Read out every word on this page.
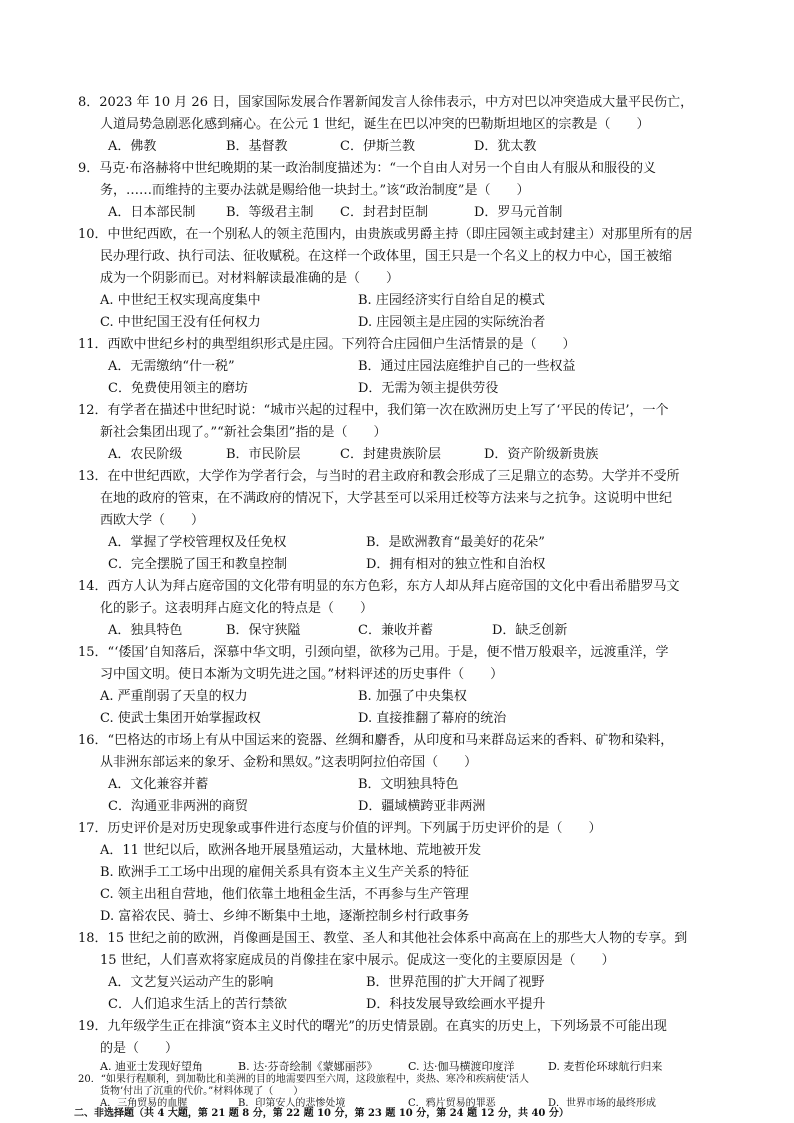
8．2023 年 10 月 26 日，国家国际发展合作署新闻发言人徐伟表示，中方对巴以冲突造成大量平民伤亡，
人道局势急剧恶化感到痛心。在公元 1 世纪，诞生在巴以冲突的巴勒斯坦地区的宗教是（　　）
A．佛教	B．基督教	C．伊斯兰教	D．犹太教
9．马克·布洛赫将中世纪晚期的某一政治制度描述为：“一个自由人对另一个自由人有服从和服役的义
务，……而维持的主要办法就是赐给他一块封土。”该“政治制度”是（　　）
A．日本部民制 B．等级君主制 C．封君封臣制	D．罗马元首制
10．中世纪西欧，在一个别私人的领主范围内，由贵族或男爵主持（即庄园领主或封建主）对那里所有的居
民办理行政、执行司法、征收赋税。在这样一个政体里，国王只是一个名义上的权力中心，国王被缩
成为一个阴影而已。对材料解读最准确的是（　　）
A. 中世纪王权实现高度集中	B. 庄园经济实行自给自足的模式
C. 中世纪国王没有任何权力	D. 庄园领主是庄园的实际统治者
11．西欧中世纪乡村的典型组织形式是庄园。下列符合庄园佃户生活情景的是（　　）
A．无需缴纳“什一税”	B．通过庄园法庭维护自己的一些权益
C．免费使用领主的磨坊	D．无需为领主提供劳役
12．有学者在描述中世纪时说：“城市兴起的过程中，我们第一次在欧洲历史上写了‘平民的传记’，一个
新社会集团出现了。”“新社会集团”指的是（　　）
A．农民阶级	B．市民阶层	C．封建贵族阶层	D．资产阶级新贵族
13．在中世纪西欧，大学作为学者行会，与当时的君主政府和教会形成了三足鼎立的态势。大学并不受所
在地的政府的管束，在不满政府的情况下，大学甚至可以采用迁校等方法来与之抗争。这说明中世纪
西欧大学（　　）
A．掌握了学校管理权及任免权	B．是欧洲教育“最美好的花朵”
C．完全摆脱了国王和教皇控制	D．拥有相对的独立性和自治权
14．西方人认为拜占庭帝国的文化带有明显的东方色彩，东方人却从拜占庭帝国的文化中看出希腊罗马文
化的影子。这表明拜占庭文化的特点是（　　）
A．独具特色	B．保守狭隘	C．兼收并蓄	D．缺乏创新
15．“‘倭国’自知落后，深慕中华文明，引颈向望，欲移为己用。于是，便不惜万般艰辛，远渡重洋，学
习中国文明。使日本渐为文明先进之国。”材料评述的历史事件（　　）
A. 严重削弱了天皇的权力	B. 加强了中央集权
C. 使武士集团开始掌握政权	D. 直接推翻了幕府的统治
16．“巴格达的市场上有从中国运来的瓷器、丝绸和麝香，从印度和马来群岛运来的香料、矿物和染料，
从非洲东部运来的象牙、金粉和黑奴。”这表明阿拉伯帝国（　　）
A．文化兼容并蓄	B．文明独具特色
C．沟通亚非两洲的商贸	D．疆域横跨亚非两洲
17．历史评价是对历史现象或事件进行态度与价值的评判。下列属于历史评价的是（　　）
A．11 世纪以后，欧洲各地开展垦殖运动，大量林地、荒地被开发
B. 欧洲手工工场中出现的雇佣关系具有资本主义生产关系的特征
C. 领主出租自营地，他们依靠土地租金生活，不再参与生产管理
D. 富裕农民、骑士、乡绅不断集中土地，逐渐控制乡村行政事务
18．15 世纪之前的欧洲，肖像画是国王、教堂、圣人和其他社会体系中高高在上的那些大人物的专享。到
15 世纪，人们喜欢将家庭成员的肖像挂在家中展示。促成这一变化的主要原因是（　　）
A．文艺复兴运动产生的影响	B．世界范围的扩大开阔了视野
C．人们追求生活上的苦行禁欲	D．科技发展导致绘画水平提升
19．九年级学生正在排演“资本主义时代的曙光”的历史情景剧。在真实的历史上，下列场景不可能出现
的是（　　）
A. 迪亚士发现好望角	B. 达·芬奇绘制《蒙娜丽莎》	C. 达·伽马横渡印度洋	D. 麦哲伦环球航行归来
20．“如果行程顺利，到加勒比和美洲的目的地需要四至六周，这段旅程中，炎热、寒冷和疾病使‘活人
货物’付出了沉重的代价。”材料体现了（　　）
A．三角贸易的血腥	B．印第安人的悲惨处境	C．鸦片贸易的罪恶	D．世界市场的最终形成
二、非选择题（共 4 大题，第 21 题 8 分，第 22 题 10 分，第 23 题 10 分，第 24 题 12 分，共 40 分）
